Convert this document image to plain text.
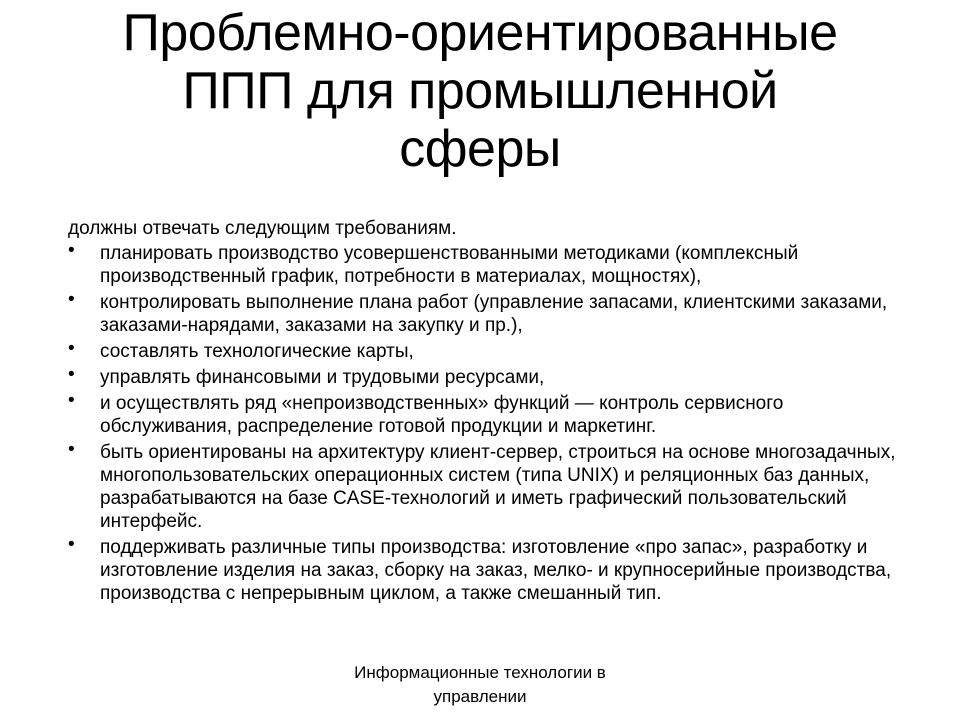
Проблемно-ориентированные
ППП для промышленной
сферы

должны отвечать следующим требованиям.

• планировать производство усовершенствованными методиками (комплексный производственный график, потребности в материалах, мощностях),
• контролировать выполнение плана работ (управление запасами, клиентскими заказами, заказами-нарядами, заказами на закупку и пр.),
• составлять технологические карты,
• управлять финансовыми и трудовыми ресурсами,
• и осуществлять ряд «непроизводственных» функций — контроль сервисного обслуживания, распределение готовой продукции и маркетинг.
• быть ориентированы на архитектуру клиент-сервер, строиться на основе многозадачных, многопользовательских операционных систем (типа UNIX) и реляционных баз данных, разрабатываются на базе CASE-технологий и иметь графический пользовательский интерфейс.
• поддерживать различные типы производства: изготовление «про запас», разработку и изготовление изделия на заказ, сборку на заказ, мелко- и крупносерийные производства, производства с непрерывным циклом, а также смешанный тип.
Информационные технологии в
управлении
